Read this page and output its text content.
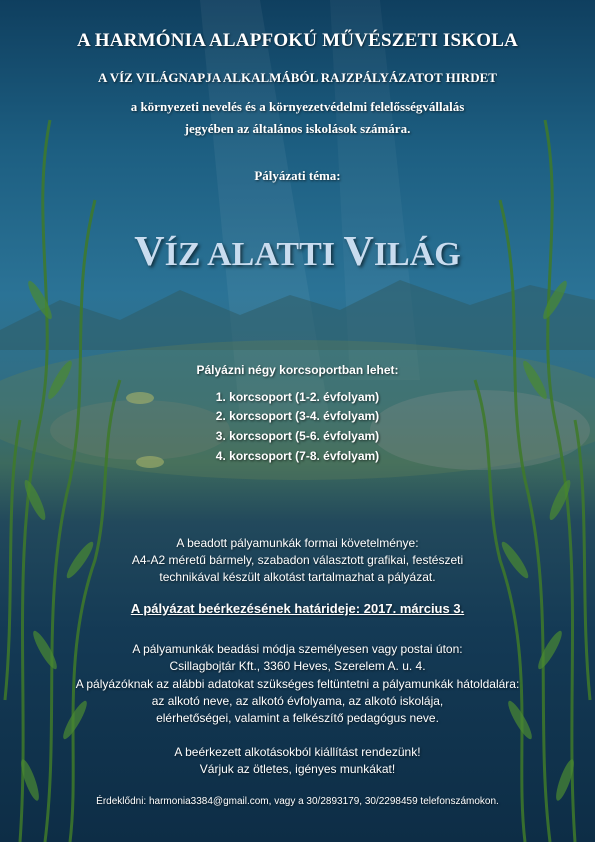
A HARMÓNIA ALAPFOKÚ MŰVÉSZETI ISKOLA
A VÍZ VILÁGNAPJA ALKALMÁBÓL RAJZPÁLYÁZATOT HIRDET
a környezeti nevelés és a környezetvédelmi felelősségvállalás
jegyében az általános iskolások számára.
Pályázati téma:
VÍZ ALATTI VILÁG
Pályázni négy korcsoportban lehet:
1. korcsoport (1-2. évfolyam)
2. korcsoport (3-4. évfolyam)
3. korcsoport (5-6. évfolyam)
4. korcsoport (7-8. évfolyam)
A beadott pályamunkák formai követelménye:
A4-A2 méretű bármely, szabadon választott grafikai, festészeti
technikával készült alkotást tartalmazhat a pályázat.
A pályázat beérkezésének határideje: 2017. március 3.
A pályamunkák beadási módja személyesen vagy postai úton:
Csillagbojtár Kft., 3360 Heves, Szerelem A. u. 4.
A pályázóknak az alábbi adatokat szükséges feltüntetni a pályamunkák hátoldalára:
az alkotó neve, az alkotó évfolyama, az alkotó iskolája,
elérhetőségei, valamint a felkészítő pedagógus neve.
A beérkezett alkotásokból kiállítást rendezünk!
Várjuk az ötletes, igényes munkákat!
Érdeklődni: harmonia3384@gmail.com, vagy a 30/2893179, 30/2298459 telefonszámokon.
